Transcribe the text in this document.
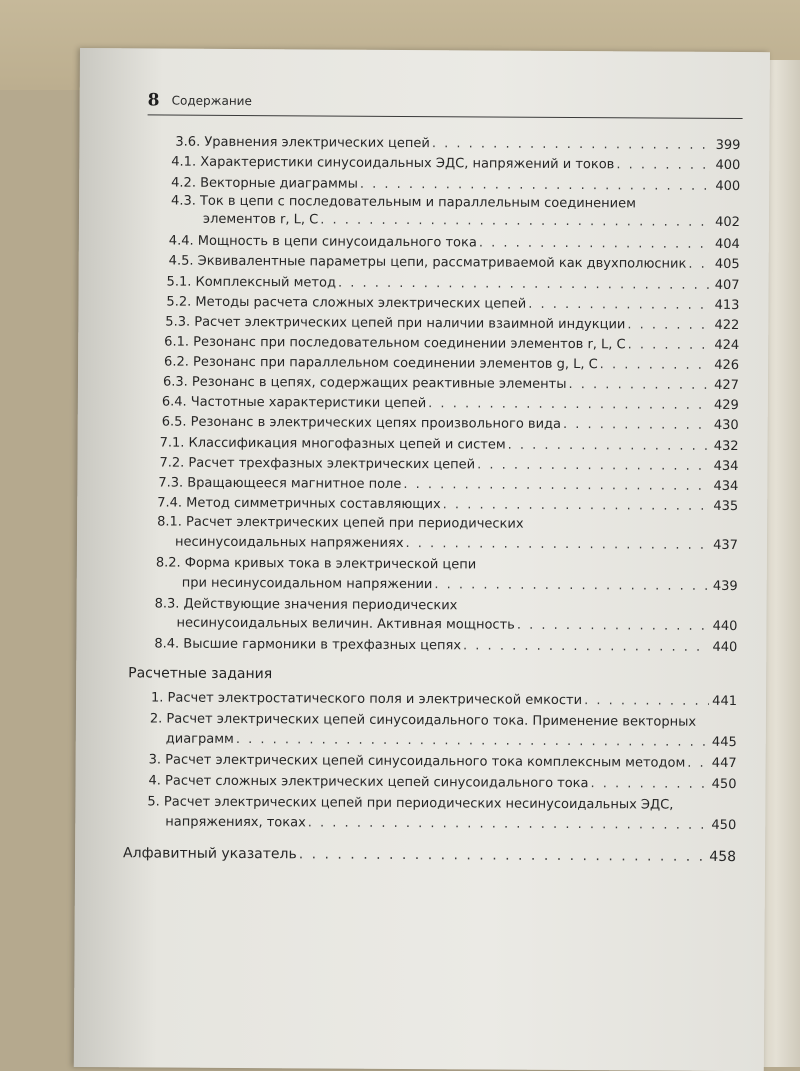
8 Содержание
3.6. Уравнения электрических цепей . . .	399
4.1. Характеристики синусоидальных ЭДС, напряжений и токов . . .	400
4.2. Векторные диаграммы . . .	400
4.3. Ток в цепи с последовательным и параллельным соединением
элементов r, L, C . . .	402
4.4. Мощность в цепи синусоидального тока . . .	404
4.5. Эквивалентные параметры цепи, рассматриваемой как двухполюсник . . . 405
5.1. Комплексный метод . . .	407
5.2. Методы расчета сложных электрических цепей . . .	413
5.3. Расчет электрических цепей при наличии взаимной индукции . . .	422
6.1. Резонанс при последовательном соединении элементов r, L, C . . .	424
6.2. Резонанс при параллельном соединении элементов g, L, C . . .	426
6.3. Резонанс в цепях, содержащих реактивные элементы . . .	427
6.4. Частотные характеристики цепей . . .	429
6.5. Резонанс в электрических цепях произвольного вида . . .	430
7.1. Классификация многофазных цепей и систем . . .	432
7.2. Расчет трехфазных электрических цепей . . .	434
7.3. Вращающееся магнитное поле . . .	434
7.4. Метод симметричных составляющих . . .	435
8.1. Расчет электрических цепей при периодических
несинусоидальных напряжениях . . .	437
8.2. Форма кривых тока в электрической цепи
при несинусоидальном напряжении . . .	439
8.3. Действующие значения периодических
несинусоидальных величин. Активная мощность . . .	440
8.4. Высшие гармоники в трехфазных цепях . . .	440
Расчетные задания
1. Расчет электростатического поля и электрической емкости . . .	441
2. Расчет электрических цепей синусоидального тока. Применение векторных
диаграмм . . .	445
3. Расчет электрических цепей синусоидального тока комплексным методом . . . 447
4. Расчет сложных электрических цепей синусоидального тока . . .	450
5. Расчет электрических цепей при периодических несинусоидальных ЭДС,
напряжениях, токах . . .	450
Алфавитный указатель . . .	458
